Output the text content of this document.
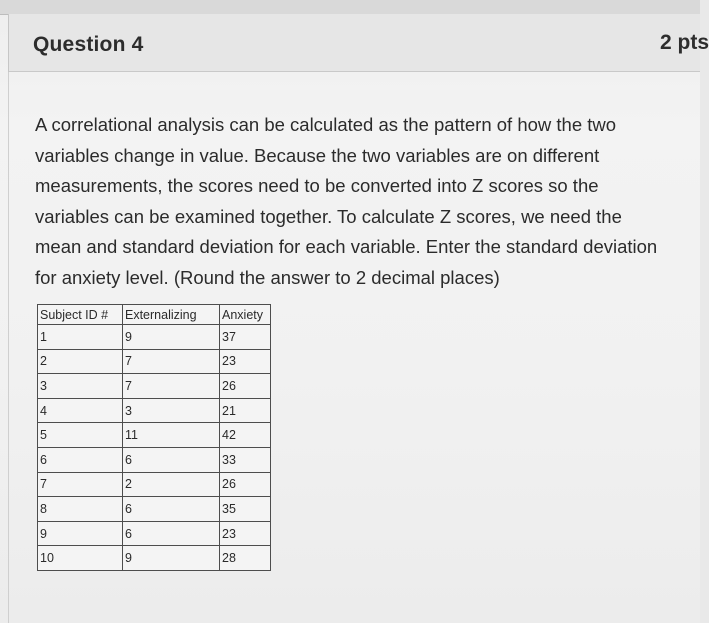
Question 4	2 pts
A correlational analysis can be calculated as the pattern of how the two
variables change in value. Because the two variables are on different
measurements, the scores need to be converted into Z scores so the
variables can be examined together. To calculate Z scores, we need the
mean and standard deviation for each variable. Enter the standard deviation
for anxiety level. (Round the answer to 2 decimal places)
Subject ID #	Externalizing	Anxiety
1	9	37
2	7	23
3	7	26
4	3	21
5	11	42
6	6	33
7	2	26
8	6	35
9	6	23
10	9	28
